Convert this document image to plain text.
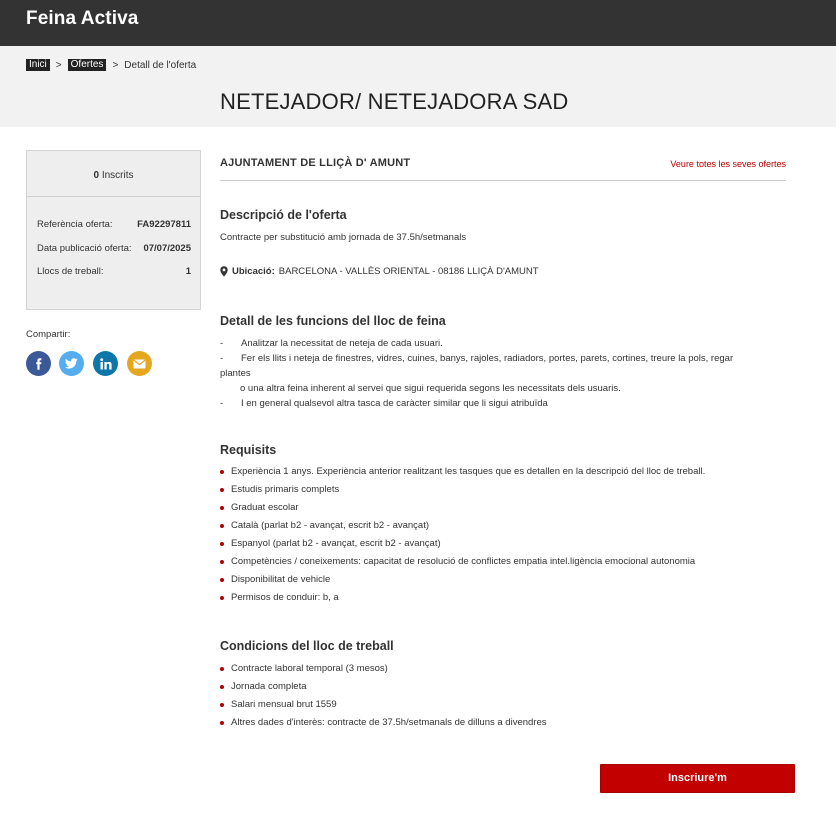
Feina Activa
Inici > Ofertes > Detall de l'oferta
NETEJADOR/ NETEJADORA SAD
0 Inscrits
Referència oferta:	FA92297811
Data publicació oferta: 07/07/2025
Llocs de treball:	1
Compartir:
AJUNTAMENT DE LLIÇÀ D' AMUNT	Veure totes les seves ofertes
Descripció de l'oferta
Contracte per substitució amb jornada de 37.5h/setmanals
Ubicació: BARCELONA - VALLÈS ORIENTAL - 08186 LLIÇÀ D'AMUNT
Detall de les funcions del lloc de feina
-	Analitzar la necessitat de neteja de cada usuari.
-	Fer els llits i neteja de finestres, vidres, cuines, banys, rajoles, radiadors, portes, parets, cortines, treure la pols, regar
plantes
o una altra feina inherent al servei que sigui requerida segons les necessitats dels usuaris.
-	I en general qualsevol altra tasca de caràcter similar que li sigui atribuïda
Requisits
Experiència 1 anys. Experiència anterior realitzant les tasques que es detallen en la descripció del lloc de treball.
Estudis primaris complets
Graduat escolar
Català (parlat b2 - avançat, escrit b2 - avançat)
Espanyol (parlat b2 - avançat, escrit b2 - avançat)
Competències / coneixements: capacitat de resolució de conflictes empatia intel.ligència emocional autonomia
Disponibilitat de vehicle
Permisos de conduir: b, a
Condicions del lloc de treball
Contracte laboral temporal (3 mesos)
Jornada completa
Salari mensual brut 1559
Altres dades d'interès: contracte de 37.5h/setmanals de dilluns a divendres
Inscriure'm
